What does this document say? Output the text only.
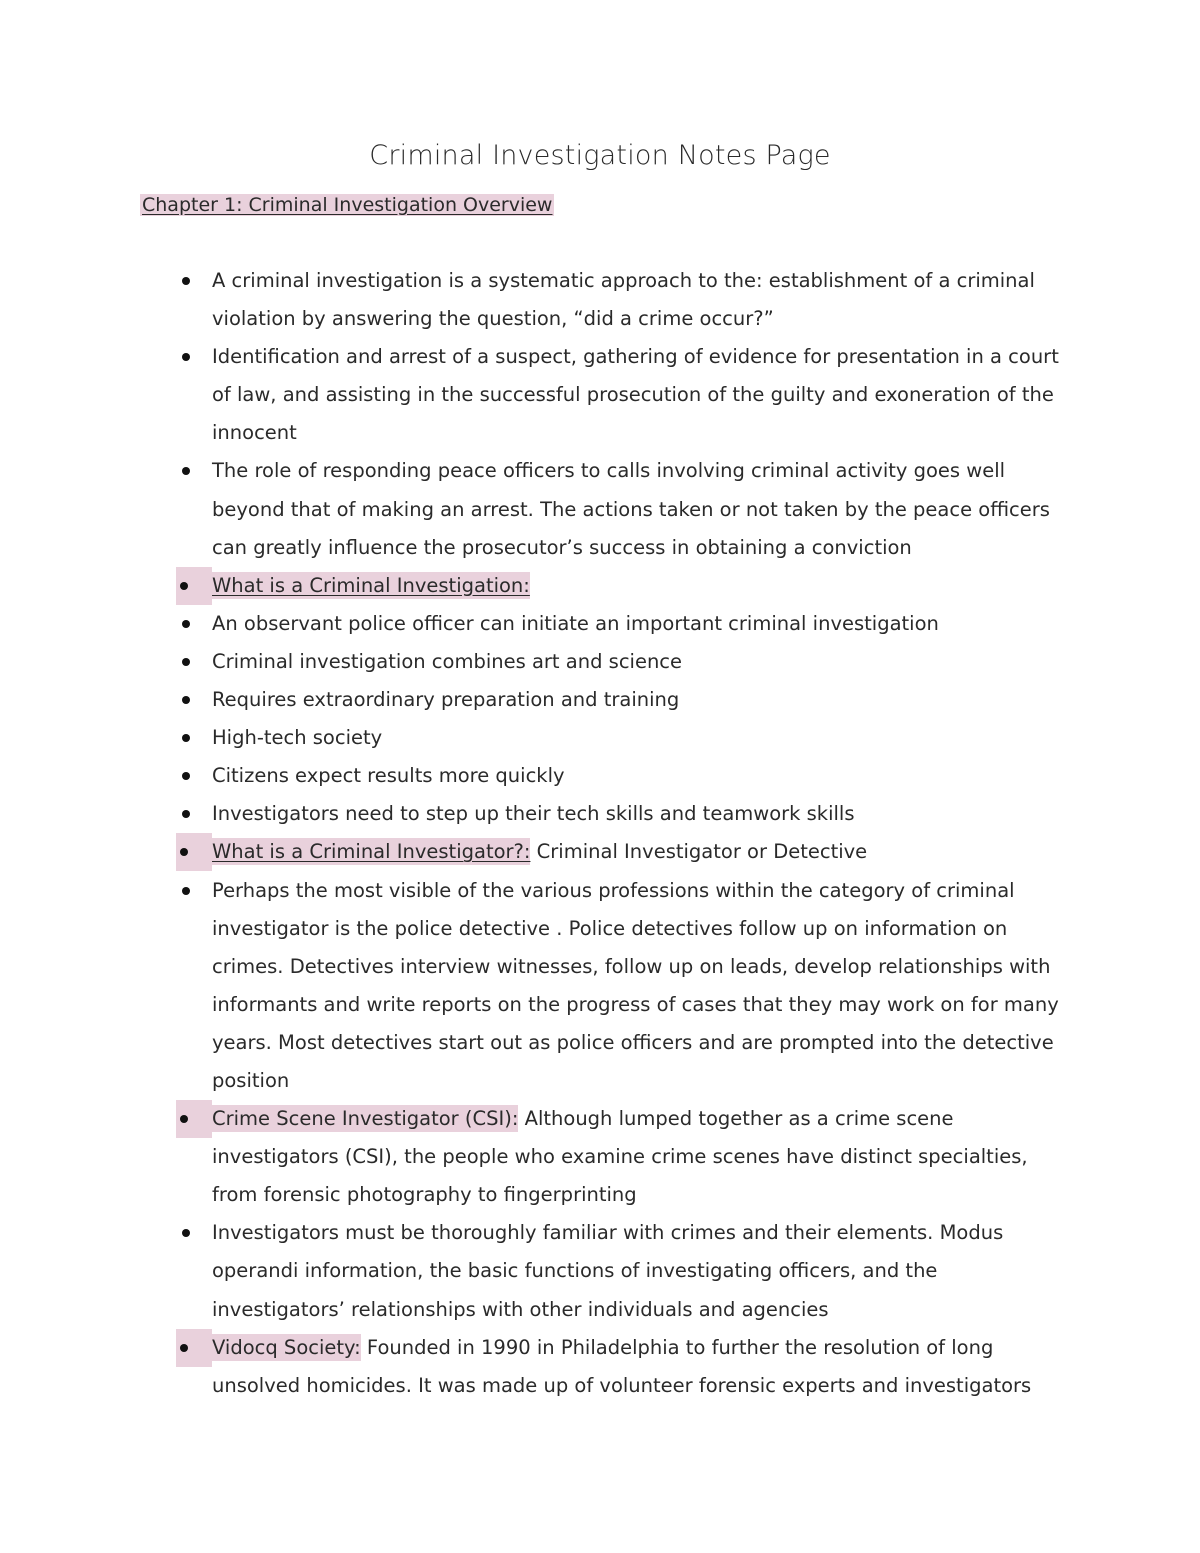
Criminal Investigation Notes Page
Chapter 1: Criminal Investigation Overview
A criminal investigation is a systematic approach to the: establishment of a criminal violation by answering the question, “did a crime occur?”
Identification and arrest of a suspect, gathering of evidence for presentation in a court of law, and assisting in the successful prosecution of the guilty and exoneration of the innocent
The role of responding peace officers to calls involving criminal activity goes well beyond that of making an arrest. The actions taken or not taken by the peace officers can greatly influence the prosecutor’s success in obtaining a conviction
What is a Criminal Investigation:
An observant police officer can initiate an important criminal investigation
Criminal investigation combines art and science
Requires extraordinary preparation and training
High-tech society
Citizens expect results more quickly
Investigators need to step up their tech skills and teamwork skills
What is a Criminal Investigator?: Criminal Investigator or Detective
Perhaps the most visible of the various professions within the category of criminal investigator is the police detective . Police detectives follow up on information on crimes. Detectives interview witnesses, follow up on leads, develop relationships with informants and write reports on the progress of cases that they may work on for many years. Most detectives start out as police officers and are prompted into the detective position
Crime Scene Investigator (CSI): Although lumped together as a crime scene investigators (CSI), the people who examine crime scenes have distinct specialties, from forensic photography to fingerprinting
Investigators must be thoroughly familiar with crimes and their elements. Modus operandi information, the basic functions of investigating officers, and the investigators’ relationships with other individuals and agencies
Vidocq Society: Founded in 1990 in Philadelphia to further the resolution of long unsolved homicides. It was made up of volunteer forensic experts and investigators
